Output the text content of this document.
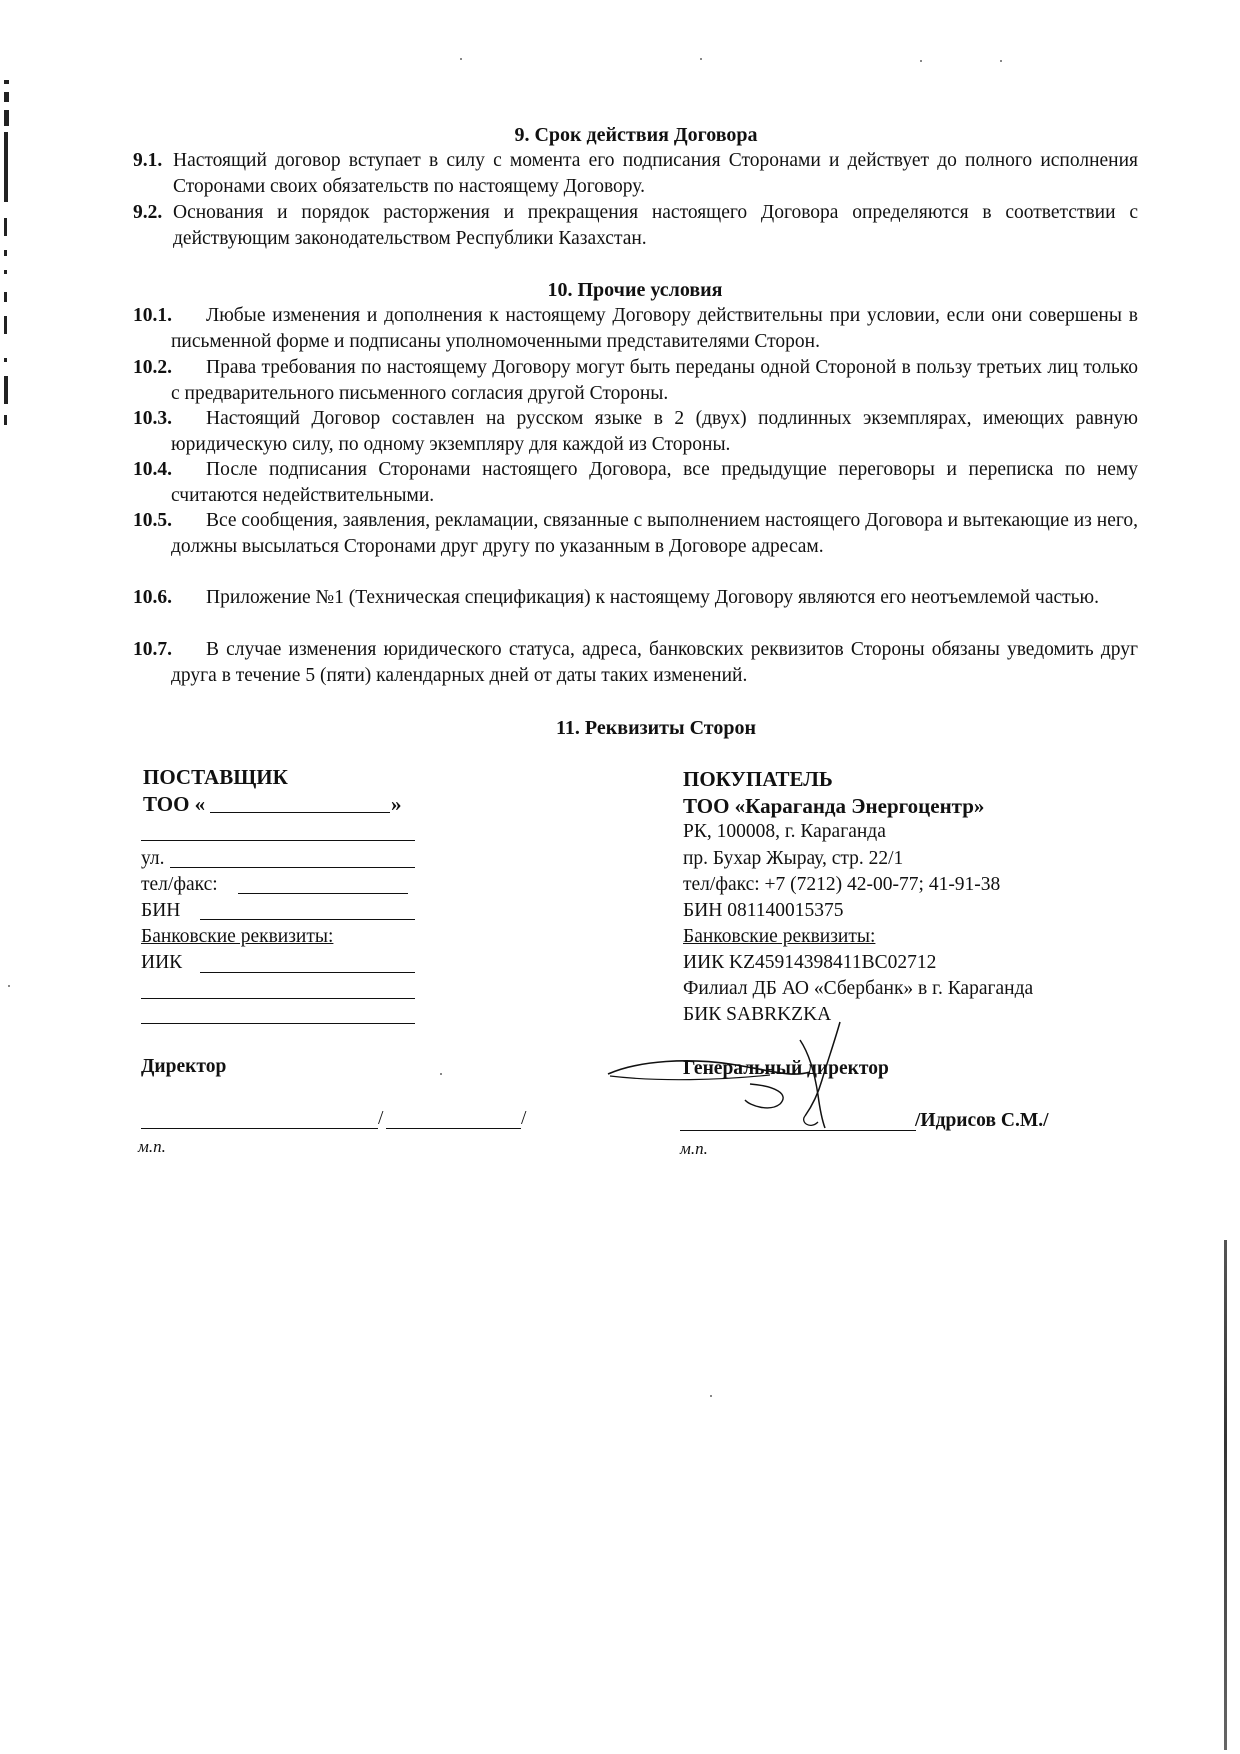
9. Срок действия Договора
9.1. Настоящий договор вступает в силу с момента его подписания Сторонами и действует до полного исполнения Сторонами своих обязательств по настоящему Договору.
9.2. Основания и порядок расторжения и прекращения настоящего Договора определяются в соответствии с действующим законодательством Республики Казахстан.
10. Прочие условия
10.1.	Любые изменения и дополнения к настоящему Договору действительны при условии, если они совершены в письменной форме и подписаны уполномоченными представителями Сторон.
10.2.	Права требования по настоящему Договору могут быть переданы одной Стороной в пользу третьих лиц только с предварительного письменного согласия другой Стороны.
10.3.	Настоящий Договор составлен на русском языке в 2 (двух) подлинных экземплярах, имеющих равную юридическую силу, по одному экземпляру для каждой из Стороны.
10.4.	После подписания Сторонами настоящего Договора, все предыдущие переговоры и переписка по нему считаются недействительными.
10.5.	Все сообщения, заявления, рекламации, связанные с выполнением настоящего Договора и вытекающие из него, должны высылаться Сторонами друг другу по указанным в Договоре адресам.
10.6.	Приложение №1 (Техническая спецификация) к настоящему Договору являются его неотъемлемой частью.
10.7.	В случае изменения юридического статуса, адреса, банковских реквизитов Стороны обязаны уведомить друг друга в течение 5 (пяти) календарных дней от даты таких изменений.
11. Реквизиты Сторон
ПОСТАВЩИК
ТОО «	»
ул.
тел/факс:
БИН
Банковские реквизиты:
ИИК
Директор
/	/
м.п.
ПОКУПАТЕЛЬ
ТОО «Караганда Энергоцентр»
РК, 100008, г. Караганда
пр. Бухар Жырау, стр. 22/1
тел/факс: +7 (7212) 42-00-77; 41-91-38
БИН 081140015375
Банковские реквизиты:
ИИК KZ45914398411BC02712
Филиал ДБ АО «Сбербанк» в г. Караганда
БИК SABRKZKA
Генеральный директор
/Идрисов С.М./
м.п.
